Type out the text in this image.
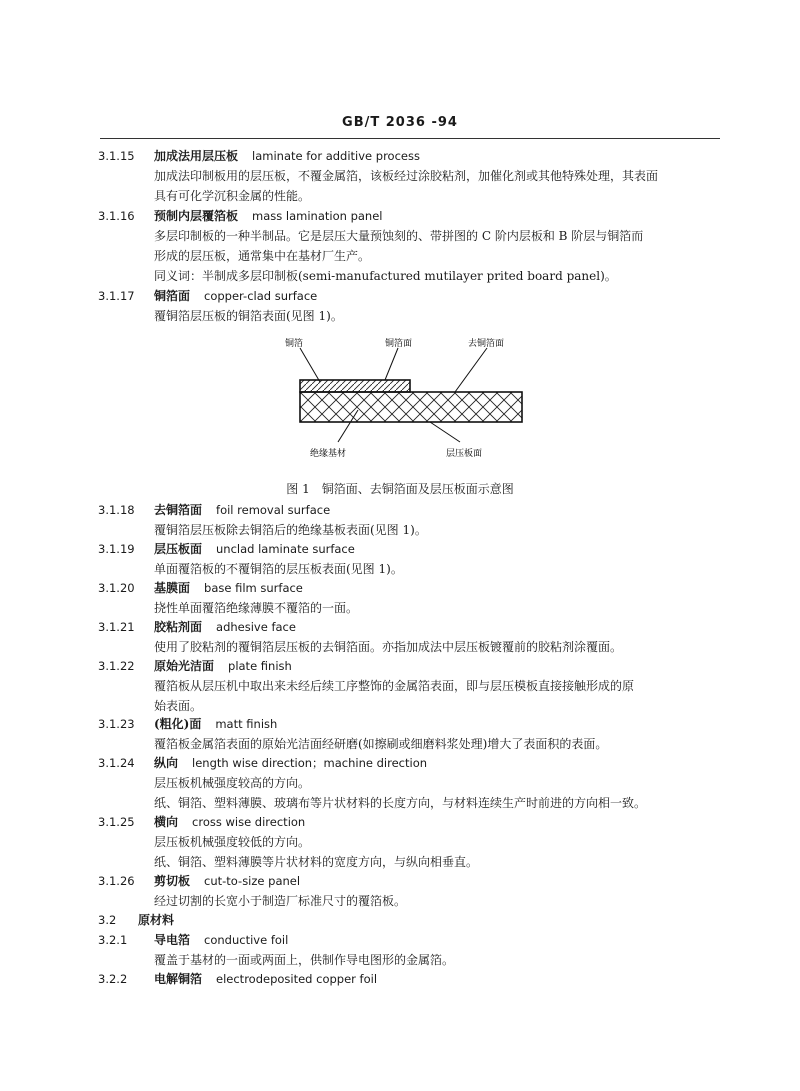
GB/T 2036 -94
3.1.15 加成法用层压板 laminate for additive process
加成法印制板用的层压板，不覆金属箔，该板经过涂胶粘剂，加催化剂或其他特殊处理，其表面
具有可化学沉积金属的性能。
3.1.16 预制内层覆箔板 mass lamination panel
多层印制板的一种半制品。它是层压大量预蚀刻的、带拼图的 C 阶内层板和 B 阶层与铜箔而
形成的层压板，通常集中在基材厂生产。
同义词：半制成多层印制板(semi-manufactured mutilayer prited board panel)。
3.1.17 铜箔面 copper-clad surface
覆铜箔层压板的铜箔表面(见图 1)。
铜箔	铜箔面	去铜箔面
绝缘基材	层压板面
图 1　铜箔面、去铜箔面及层压板面示意图
3.1.18 去铜箔面 foil removal surface
覆铜箔层压板除去铜箔后的绝缘基板表面(见图 1)。
3.1.19 层压板面 unclad laminate surface
单面覆箔板的不覆铜箔的层压板表面(见图 1)。
3.1.20 基膜面 base film surface
挠性单面覆箔绝缘薄膜不覆箔的一面。
3.1.21 胶粘剂面 adhesive face
使用了胶粘剂的覆铜箔层压板的去铜箔面。亦指加成法中层压板镀覆前的胶粘剂涂覆面。
3.1.22 原始光洁面 plate finish
覆箔板从层压机中取出来未经后续工序整饰的金属箔表面，即与层压模板直接接触形成的原
始表面。
3.1.23 (粗化)面 matt finish
覆箔板金属箔表面的原始光洁面经研磨(如擦刷或细磨料浆处理)增大了表面积的表面。
3.1.24 纵向 length wise direction；machine direction
层压板机械强度较高的方向。
纸、铜箔、塑料薄膜、玻璃布等片状材料的长度方向，与材料连续生产时前进的方向相一致。
3.1.25 横向 cross wise direction
层压板机械强度较低的方向。
纸、铜箔、塑料薄膜等片状材料的宽度方向，与纵向相垂直。
3.1.26 剪切板 cut-to-size panel
经过切割的长宽小于制造厂标准尺寸的覆箔板。
3.2 原材料
3.2.1 导电箔 conductive foil
覆盖于基材的一面或两面上，供制作导电图形的金属箔。
3.2.2 电解铜箔 electrodeposited copper foil
